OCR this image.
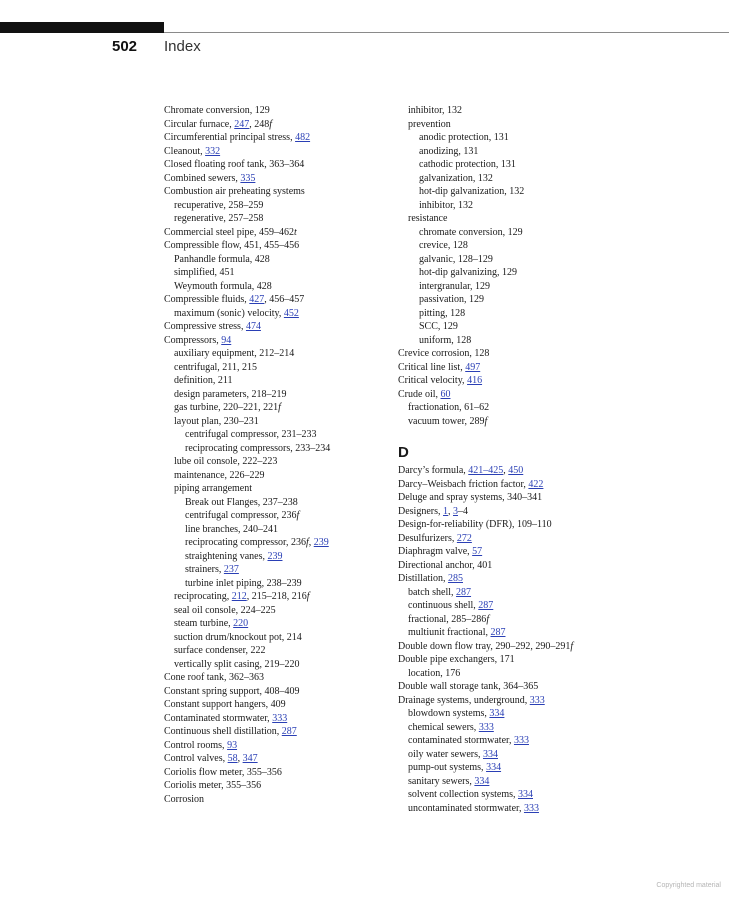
502 Index
Chromate conversion, 129
Circular furnace, 247, 248f
Circumferential principal stress, 482
Cleanout, 332
Closed floating roof tank, 363–364
Combined sewers, 335
Combustion air preheating systems
recuperative, 258–259
regenerative, 257–258
Commercial steel pipe, 459–462t
Compressible flow, 451, 455–456
Panhandle formula, 428
simplified, 451
Weymouth formula, 428
Compressible fluids, 427, 456–457
maximum (sonic) velocity, 452
Compressive stress, 474
Compressors, 94
auxiliary equipment, 212–214
centrifugal, 211, 215
definition, 211
design parameters, 218–219
gas turbine, 220–221, 221f
layout plan, 230–231
centrifugal compressor, 231–233
reciprocating compressors, 233–234
lube oil console, 222–223
maintenance, 226–229
piping arrangement
Break out Flanges, 237–238
centrifugal compressor, 236f
line branches, 240–241
reciprocating compressor, 236f, 239
straightening vanes, 239
strainers, 237
turbine inlet piping, 238–239
reciprocating, 212, 215–218, 216f
seal oil console, 224–225
steam turbine, 220
suction drum/knockout pot, 214
surface condenser, 222
vertically split casing, 219–220
Cone roof tank, 362–363
Constant spring support, 408–409
Constant support hangers, 409
Contaminated stormwater, 333
Continuous shell distillation, 287
Control rooms, 93
Control valves, 58, 347
Coriolis flow meter, 355–356
Coriolis meter, 355–356
Corrosion
inhibitor, 132
prevention
anodic protection, 131
anodizing, 131
cathodic protection, 131
galvanization, 132
hot-dip galvanization, 132
inhibitor, 132
resistance
chromate conversion, 129
crevice, 128
galvanic, 128–129
hot-dip galvanizing, 129
intergranular, 129
passivation, 129
pitting, 128
SCC, 129
uniform, 128
Crevice corrosion, 128
Critical line list, 497
Critical velocity, 416
Crude oil, 60
fractionation, 61–62
vacuum tower, 289f
D
Darcy’s formula, 421–425, 450
Darcy–Weisbach friction factor, 422
Deluge and spray systems, 340–341
Designers, 1, 3–4
Design-for-reliability (DFR), 109–110
Desulfurizers, 272
Diaphragm valve, 57
Directional anchor, 401
Distillation, 285
batch shell, 287
continuous shell, 287
fractional, 285–286f
multiunit fractional, 287
Double down flow tray, 290–292, 290–291f
Double pipe exchangers, 171
location, 176
Double wall storage tank, 364–365
Drainage systems, underground, 333
blowdown systems, 334
chemical sewers, 333
contaminated stormwater, 333
oily water sewers, 334
pump-out systems, 334
sanitary sewers, 334
solvent collection systems, 334
uncontaminated stormwater, 333
Copyrighted material
